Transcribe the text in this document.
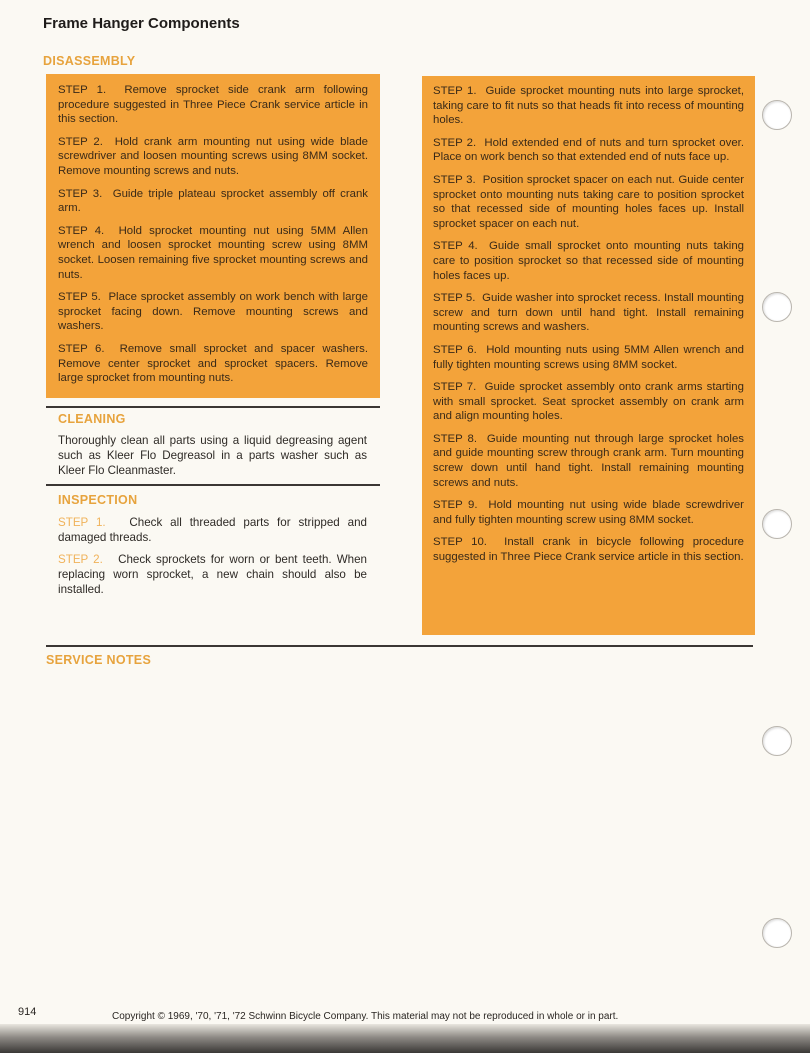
Frame Hanger Components
DISASSEMBLY

STEP 1. Remove sprocket side crank arm following procedure suggested in Three Piece Crank service article in this section.

STEP 2. Hold crank arm mounting nut using wide blade screwdriver and loosen mounting screws using 8MM socket. Remove mounting screws and nuts.

STEP 3. Guide triple plateau sprocket assembly off crank arm.

STEP 4. Hold sprocket mounting nut using 5MM Allen wrench and loosen sprocket mounting screw using 8MM socket. Loosen remaining five sprocket mounting screws and nuts.

STEP 5. Place sprocket assembly on work bench with large sprocket facing down. Remove mounting screws and washers.

STEP 6. Remove small sprocket and spacer washers. Remove center sprocket and sprocket spacers. Remove large sprocket from mounting nuts.

STEP 1. Guide sprocket mounting nuts into large sprocket, taking care to fit nuts so that heads fit into recess of mounting holes.

STEP 2. Hold extended end of nuts and turn sprocket over. Place on work bench so that extended end of nuts face up.

STEP 3. Position sprocket spacer on each nut. Guide center sprocket onto mounting nuts taking care to position sprocket so that recessed side of mounting holes faces up. Install sprocket spacer on each nut.

STEP 4. Guide small sprocket onto mounting nuts taking care to position sprocket so that recessed side of mounting holes faces up.

STEP 5. Guide washer into sprocket recess. Install mounting screw and turn down until hand tight. Install remaining mounting screws and washers.

STEP 6. Hold mounting nuts using 5MM Allen wrench and fully tighten mounting screws using 8MM socket.

STEP 7. Guide sprocket assembly onto crank arms starting with small sprocket. Seat sprocket assembly on crank arm and align mounting holes.

STEP 8. Guide mounting nut through large sprocket holes and guide mounting screw through crank arm. Turn mounting screw down until hand tight. Install remaining mounting screws and nuts.

STEP 9. Hold mounting nut using wide blade screwdriver and fully tighten mounting screw using 8MM socket.

STEP 10. Install crank in bicycle following procedure suggested in Three Piece Crank service article in this section.

CLEANING
Thoroughly clean all parts using a liquid degreasing agent such as Kleer Flo Degreasol in a parts washer such as Kleer Flo Cleanmaster.
INSPECTION

STEP 1. Check all threaded parts for stripped and damaged threads.

STEP 2. Check sprockets for worn or bent teeth. When replacing worn sprocket, a new chain should also be installed.

SERVICE NOTES
914	Copyright © 1969, '70, '71, '72 Schwinn Bicycle Company. This material may not be reproduced in whole or in part.
